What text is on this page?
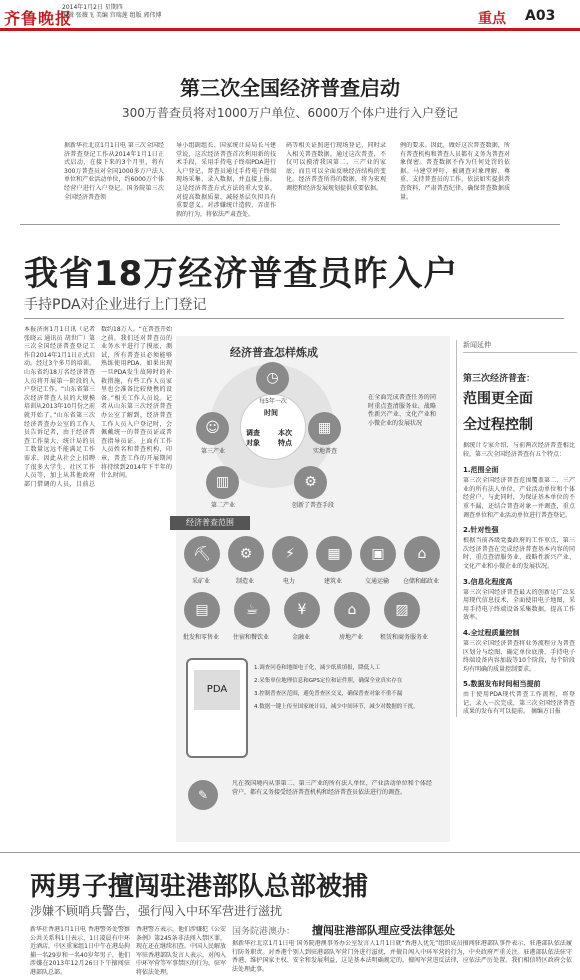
齐鲁晚报
2014年1月2日 星期四
编辑 张薇飞 美编 宫瑞莲 组版 郭伟博	重点 A03
第三次全国经济普查启动
300万普查员将对1000万户单位、6000万个体户进行入户登记
据新华社北京1月1日电 第三次全国经济普查登记工作从2014年1月1日正式启动，在接下来的3个月里，将有300万普查员对全国1000多万户法人单位和产业活动单位，约6000万个体经营户进行入户登记。国务院第三次全国经济普查领
导小组副组长、国家统计局局长马建堂说，这次经济普查首次利用新的技术手段，采用手持电子终端PDA进行入户登记，普查员通过手持电子终端现场采集、录入数据，并直接上报。这是经济普查方式方法的重大变革，对提高数据质量、减轻基层负担具有重要意义。对涉嫌统计造假、弄虚作假的行为，将依法严肃查处。
码等相关证照进行现场登记，同时录入相关普查数据。通过这次普查，不仅可以摸清我国第二、三产业的家底，而且可以全面反映经济结构的变化。经济普查所得的数据，将为宏观调控和经济发展规划提供重要依据。
例的要求。因此，做好这次普查数据，所有普查机构和普查人员都有义务为普查对象保密。普查数据不作为任何处罚的依据。马建堂呼吁，被调查对象理解、尊重、支持普查员的工作，依法如实提供普查资料，严肃普查纪律，确保普查数据质量。
我省18万经济普查员昨入户
手持PDA对企业进行上门登记
本报济南1月1日讯（记者 张晓云 通讯员 胡世广）第三次全国经济普查登记工作自2014年1月1日正式启动。经过3个多月的培训，山东省约18万名经济普查人员将开展第一阶段的入户登记工作。“山东省第三次经济普查人员的大规模培训从2013年10月份之前就开始了。”山东省第三次经济普查办公室的工作人员告诉记者，由于经济普查工作量大、统计局的员工数量远远不能满足工作需求，因此从社会上招聘了很多大学生、社区工作人员等，加上从其他政府部门借调的人员，目前总数约18万人。“在普查开始之前，我们还对普查员的业务水平进行了摸底，测试，所有普查员必须能够熟练使用PDA，如果出现一旦PDA发生故障时的补救措施，有些工作人员家里也会准备比较便携的设备。”相关工作人员说。记者从山东第三次经济普查办公室了解到，经济普查工作人员入户登记时，会佩戴统一的普查员证或普查指导员证。上面有工作人员姓名和普查机构，印章，普查工作的开展期间将持续到2014年下半年的什么时间。
经济普查怎样炼成
时间
调查对象
本次特点
◷
每5年一次
▦
实地普查
⚙
创新了普查手段
▥
第二产业
☺
第三产业
在全面完成普查任务的同时重点查清服务业、战略性新兴产业、文化产业和小微企业的发展状况
经济普查范围
⛏
采矿业
⚙
制造业
⚡
电力
▦
建筑业
▣
交通运输
⌂
仓储和邮政业
▤
批发和零售业
☕
住宿和餐饮业
¥
金融业
⌂
房地产业
▨
租赁和商务服务业
PDA
1.调查问卷和地图电子化，减少纸质填报，降低人工
2.采集单位地理信息和GPS定位和证件照，确保全业真实存在
3.控制普查区范围，避免普查区交叉，确保普查对象不重不漏
4.数据一键上传至国家统计局，减少中间环节，减少对数据的干扰。
✎
凡在我国境内从事第二、第三产业的所有法人单位、产业活动单位和个体经营户，都有义务接受经济普查机构和经济普查员依法进行的调查。
新闻延伸
第三次经济普查：
范围更全面
全过程控制
据统计专家介绍，与前两次经济普查相比较，第三次全国经济普查有五个特点：
1.范围全面
第三次全国经济普查范围覆盖第二、三产业的所有法人单位、产业活动单位和个体经营户。与此同时，为保证基本单位的不重不漏，还结合普查对象一并调查，重点调查单位和产业活动单位进行普查登记。
2.针对性强
根据当前各级党委政府的工作重点，第三次经济普查在完成经济普查基本内容的同时，重点查清服务业、战略性新兴产业、文化产业和小微企业的发展状况。
3.信息化程度高
第三次全国经济普查最大的创新是广泛采用现代信息技术，全面使用电子地图，采用手持电子终端设备采集数据，提高工作效率。
4.全过程质量控制
第三次全国经济普查将业务流程分为普查区划分与绘图、确定单位底册、手持电子终端设备内容加载等10个阶段，每个阶段均有明确的质量控制要求。
5.数据发布时间相当提前
由于使用PDA现代普查工作流程，将登记、录入一次完成，第三次全国经济普查成果的发布有可以提前。 摘编方日报
两男子擅闯驻港部队总部被捕
涉嫌不顾哨兵警告，强行闯入中环军营进行滋扰
新华社香港1月1日电 香港警务处警察公共关系科1日表示，1日凌晨有中环近酒店，中区重案组1日中午在港岛拘捕一名29岁和一名40岁年男子，他们涉嫌在2013年12月26日下午擅闯驻港部队总部。
香港警方表示，他们涉嫌犯《公安条例》第245条非法闯入禁区罪，现在还在继续扣查。中国人民解放军驻香港部队发言人表示，对闯入中环军营等军事禁区的行为，驻军将依法处理。
国务院港澳办： 擅闯驻港部队理应受法律惩处
据新华社北京1月1日电 国务院港澳事务办公室发言人1月1日就“香港人优先”组织成员擅闯驻港部队事件表示，驻港部队依法履行防务职责。对香港个别人到驻港部队军营门外进行滋扰，并擅自闯入中环军营的行为，中央政府严重关注。驻港部队依法驻守香港，维护国家主权、安全和发展利益，这是基本法明确规定的。擅闯军营违反法律，应依法严厉处置。我们相信特区政府会依法处理此事。
